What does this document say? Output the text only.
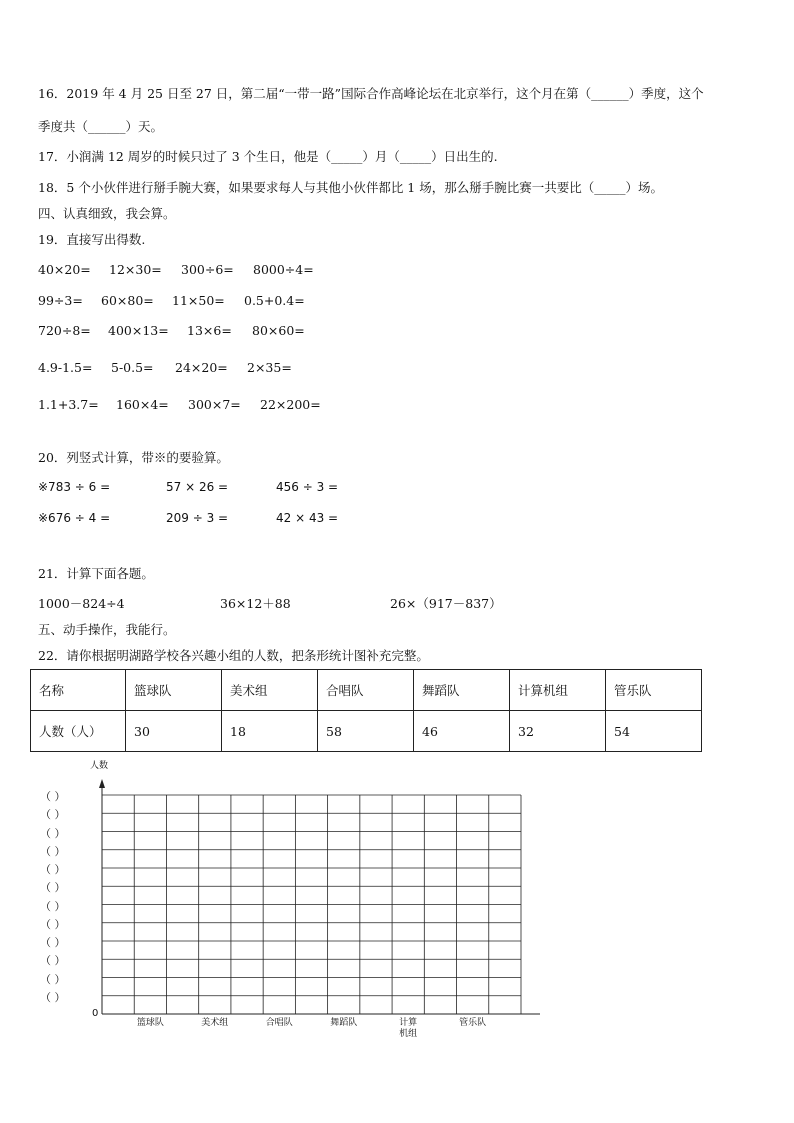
16．2019 年 4 月 25 日至 27 日，第二届“一带一路”国际合作高峰论坛在北京举行，这个月在第（______）季度，这个
季度共（______）天。
17．小润满 12 周岁的时候只过了 3 个生日，他是（_____）月（_____）日出生的.
18．5 个小伙伴进行掰手腕大赛，如果要求每人与其他小伙伴都比 1 场，那么掰手腕比赛一共要比（_____）场。
四、认真细致，我会算。
19．直接写出得数.
40×20= 12×30= 300÷6= 8000÷4=
99÷3= 60×80= 11×50= 0.5+0.4=
720÷8= 400×13= 13×6= 80×60=
4.9-1.5= 5-0.5= 24×20= 2×35=
1.1+3.7= 160×4= 300×7= 22×200=
20．列竖式计算，带※的要验算。
※783 ÷ 6 =	57 × 26 =	456 ÷ 3 =
※676 ÷ 4 =	209 ÷ 3 =	42 × 43 =
21．计算下面各题。
1000－824÷4	36×12＋88	26×（917－837）
五、动手操作，我能行。
22．请你根据明湖路学校各兴趣小组的人数，把条形统计图补充完整。
名称	篮球队	美术组	合唱队	舞蹈队	计算机组	管乐队
人数（人）	30	18	58	46	32	54
人数
0
（ ）
（ ）
（ ）
（ ）
（ ）
（ ）
（ ）
（ ）
（ ）
（ ）
（ ）
（ ）
篮球队	美术组	合唱队	舞蹈队	计算
机组
管乐队
